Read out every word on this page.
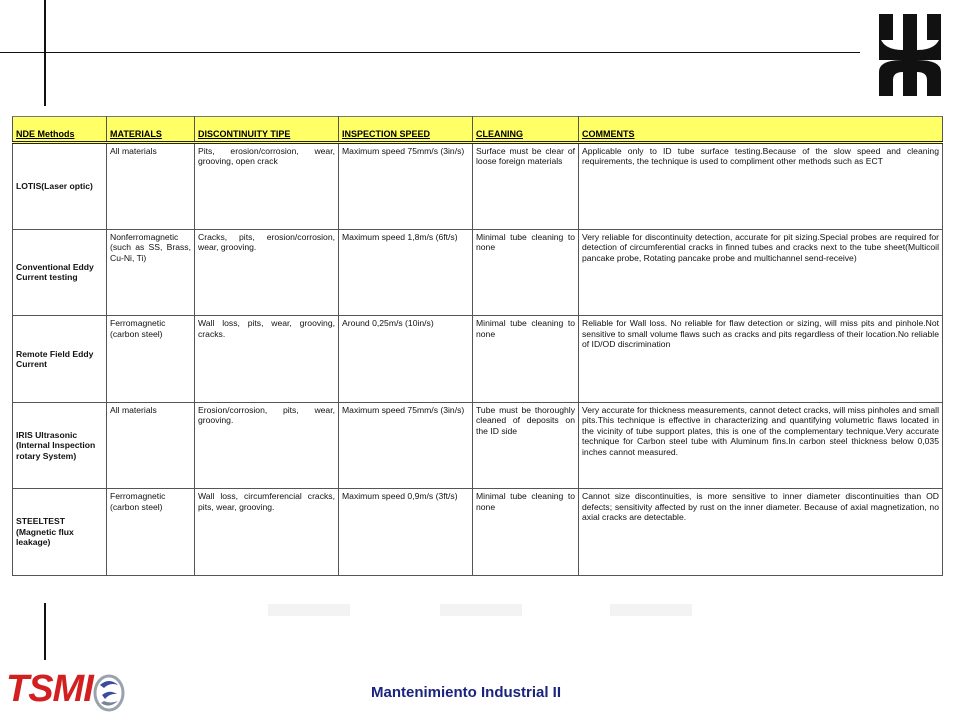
NDE Methods	MATERIALS	DISCONTINUITY TIPE	INSPECTION SPEED	CLEANING	COMMENTS
LOTIS(Laser optic)	All materials	Pits, erosion/corrosion, wear, grooving, open crack	Maximum speed 75mm/s (3in/s)	Surface must be clear of loose foreign materials	Applicable only to ID tube surface testing.Because of the slow speed and cleaning requirements, the technique is used to compliment other methods such as ECT
Conventional Eddy Current testing	Nonferromagnetic (such as SS, Brass, Cu-Ni, Ti)	Cracks, pits, erosion/corrosion, wear, grooving.	Maximum speed 1,8m/s (6ft/s)	Minimal tube cleaning to none	Very reliable for discontinuity detection, accurate for pit sizing.Special probes are required for detection of circumferential cracks in finned tubes and cracks next to the tube sheet(Multicoil pancake probe, Rotating pancake probe and multichannel send-receive)
Remote Field Eddy Current	Ferromagnetic (carbon steel)	Wall loss, pits, wear, grooving, cracks.	Around 0,25m/s (10in/s)	Minimal tube cleaning to none	Reliable for Wall loss. No reliable for flaw detection or sizing, will miss pits and pinhole.Not sensitive to small volume flaws such as cracks and pits regardless of their location.No reliable of ID/OD discrimination
IRIS Ultrasonic (Internal Inspection rotary System)	All materials	Erosion/corrosion, pits, wear, grooving.	Maximum speed 75mm/s (3in/s)	Tube must be thoroughly cleaned of deposits on the ID side	Very accurate for thickness measurements, cannot detect cracks, will miss pinholes and small pits.This technique is effective in characterizing and quantifying volumetric flaws located in the vicinity of tube support plates, this is one of the complementary technique.Very accurate technique for Carbon steel tube with Aluminum fins.In carbon steel thickness below 0,035 inches cannot measured.
STEELTEST (Magnetic flux leakage)	Ferromagnetic (carbon steel)	Wall loss, circumferencial cracks, pits, wear, grooving.	Maximum speed 0,9m/s (3ft/s)	Minimal tube cleaning to none	Cannot size discontinuities, is more sensitive to inner diameter discontinuities than OD defects; sensitivity affected by rust on the inner diameter. Because of axial magnetization, no axial cracks are detectable.
TSMI	Mantenimiento Industrial II
